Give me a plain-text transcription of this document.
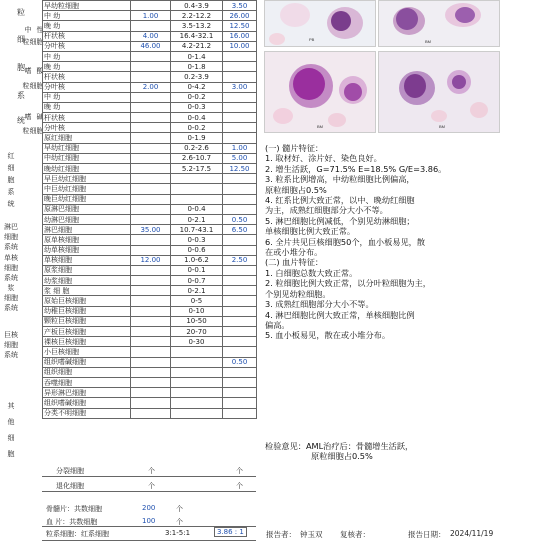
粒
细
胞
系
统
中 性
粒细胞
嗜 酸
粒细胞
嗜 碱
粒细胞
红
细
胞
系
统
淋巴
细胞
系统
单核
细胞
系统
浆
细胞
系统
巨核
细胞
系统
其

他

细

胞
早幼粒细胞		0.4-3.9	3.50
中 幼	1.00	2.2-12.2	26.00
晚 幼		3.5-13.2	12.50
杆状核	4.00	16.4-32.1	16.00
分叶核	46.00	4.2-21.2	10.00
中 幼		0-1.4	
晚 幼		0-1.8	
杆状核		0.2-3.9	
分叶核	2.00	0-4.2	3.00
中 幼		0-0.2	
晚 幼		0-0.3	
杆状核		0-0.4	
分叶核		0-0.2	
原红细胞		0-1.9	
早幼红细胞		0.2-2.6	1.00
中幼红细胞		2.6-10.7	5.00
晚幼红细胞		5.2-17.5	12.50
早巨幼红细胞			
中巨幼红细胞			
晚巨幼红细胞			
原淋巴细胞		0-0.4	
幼淋巴细胞		0-2.1	0.50
淋巴细胞	35.00	10.7-43.1	6.50
原单核细胞		0-0.3	
幼单核细胞		0-0.6	
单核细胞	12.00	1.0-6.2	2.50
原浆细胞		0-0.1	
幼浆细胞		0-0.7	
浆 细 胞		0-2.1	
原始巨核细胞		0-5	
幼稚巨核细胞		0-10	
颗粒巨核细胞		10-50	
产板巨核细胞		20-70	
裸核巨核细胞		0-30	
小巨核细胞			
组织嗜碱细胞			0.50
组织细胞			
吞噬细胞			
异形淋巴细胞			
组织嗜碱细胞			
分类不明细胞			
分裂细胞	个	个
退化细胞	个	个
骨髓片：共数细胞	200	个
血 片：共数细胞	100	个
粒系细胞：红系细胞	3:1-5:1	3.86 : 1
PB	BM
BM	BM
(一) 髓片特征：
1. 取材好、涂片好、染色良好。
2. 增生活跃，G=71.5% E=18.5% G/E=3.86。
3. 粒系比例增高，中幼粒细胞比例偏高，
原粒细胞占0.5%
4. 红系比例大致正常，以中、晚幼红细胞
为主，成熟红细胞部分大小不等。
5. 淋巴细胞比例减低，个别见幼淋细胞；
单核细胞比例大致正常。
6. 全片共见巨核细胞50个，血小板易见，散
在或小堆分布。
(二) 血片特征：
1. 白细胞总数大致正常。
2. 粒细胞比例大致正常，以分叶粒细胞为主，
个别见幼粒细胞。
3. 成熟红细胞部分大小不等。
4. 淋巴细胞比例大致正常，单核细胞比例
偏高。
5. 血小板易见，散在或小堆分布。
检验意见：AML治疗后：骨髓增生活跃，
原粒细胞占0.5%
报告者： 钟玉双 复核者：	报告日期： 2024/11/19
